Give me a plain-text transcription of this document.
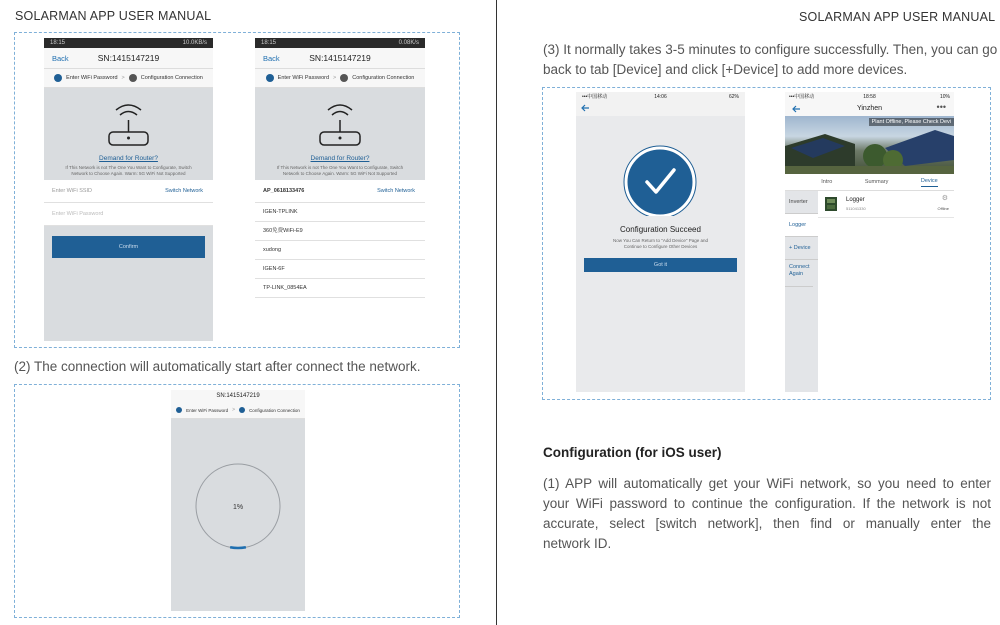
SOLARMAN APP USER MANUAL
18:15	10.0KB/s
Back	SN:1415147219
Enter WiFi Password >	Configuration Connection
Demand for Router?
If This Network is not The One You Want to Configurate, Switch
Network to Choose Again. Warm: 5G WiFi Not Supported
Enter WiFi SSID	Switch Network
Enter WiFi Password
Confirm
18:15	0.08K/s
Back	SN:1415147219
Enter WiFi Password >	Configuration Connection
Demand for Router?
If This Network is not The One You Want to Configurate, Switch
Network to Choose Again. Warm: 5G WiFi Not Supported
AP_0618133476	Switch Network
IGEN-TPLINK
360免费WiFi-E9
xudong
IGEN-6F
TP-LINK_0854EA
(2) The connection will automatically start after connect the network.
SN:1415147219
Enter WiFi Password >	Configuration Connection
1%
SOLARMAN APP USER MANUAL
(3) It normally takes 3-5 minutes to configure successfully. Then, you can go
back to tab [Device] and click [+Device] to add more devices.
•••中国移动	14:06	62%
Configuration Succeed
Now You Can Return to "Add Device" Page and
Continue to Configure Other Devices
Got it
•••中国移动	18:58	10%
Yinzhen	•••
Plant Offline, Please Check Devi
Intro	Summary	Device
Inverter
Logger
+ Device
Connect Again
Logger
511041330
⚙
Offline
Configuration (for iOS user)
(1) APP will automatically get your WiFi network, so you need to enter
your WiFi password to continue the configuration. If the network is not
accurate, select [switch network], then find or manually enter the
network ID.
